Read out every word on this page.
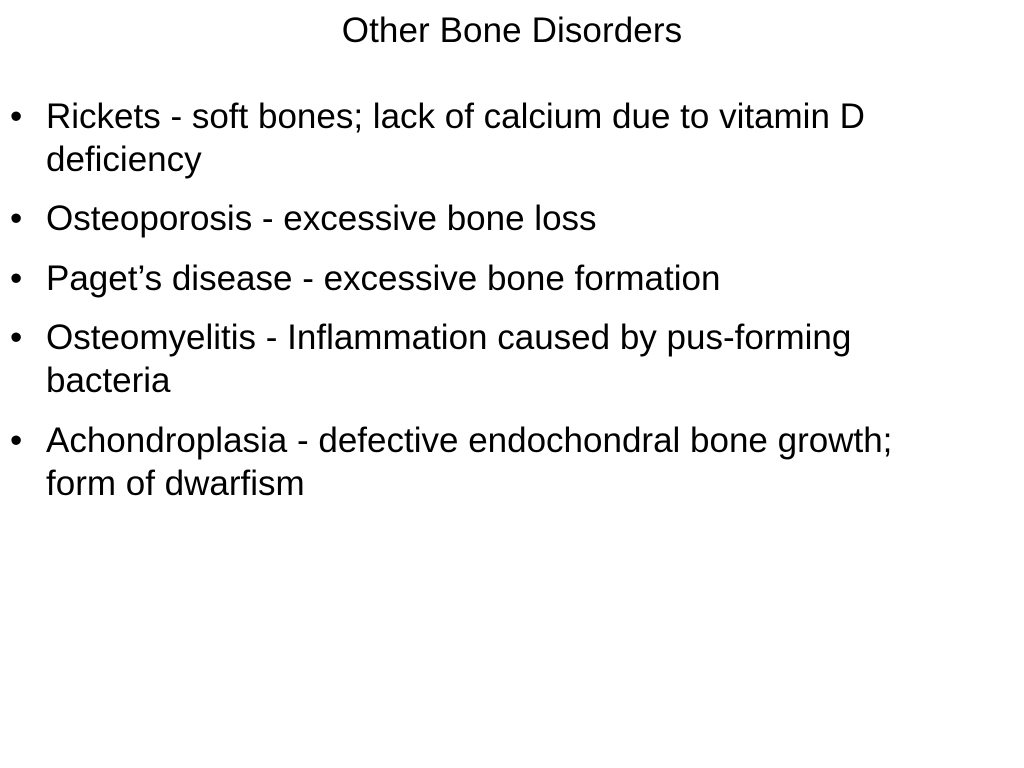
Other Bone Disorders
• Rickets - soft bones; lack of calcium due to vitamin D deficiency
• Osteoporosis - excessive bone loss
• Paget’s disease - excessive bone formation
• Osteomyelitis - Inflammation caused by pus-forming bacteria
• Achondroplasia - defective endochondral bone growth; form of dwarfism
